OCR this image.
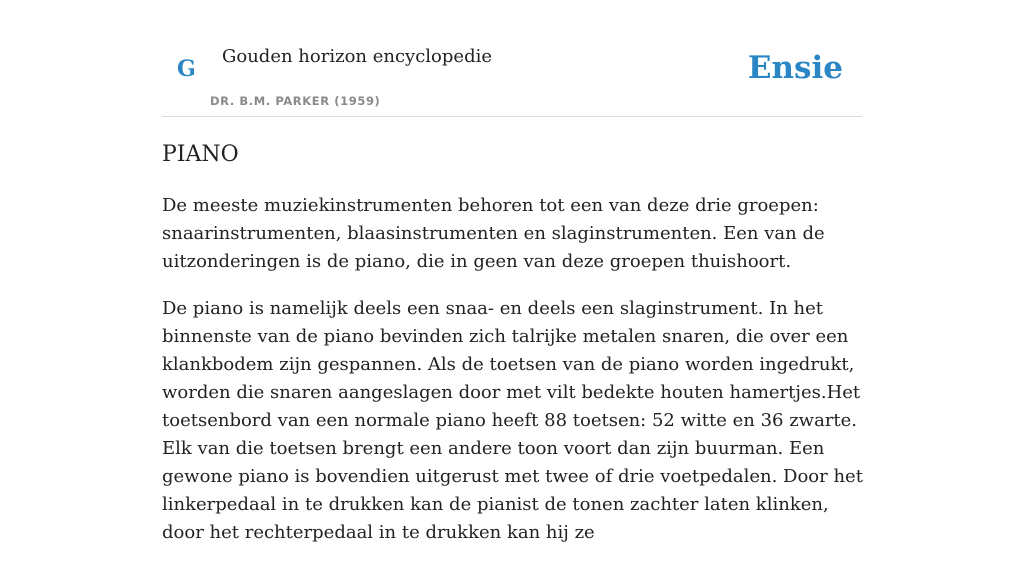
G Gouden horizon encyclopedie
DR. B.M. PARKER (1959)
Ensie
PIANO

De meeste muziekinstrumenten behoren tot een van deze drie groepen: snaarinstrumenten, blaasinstrumenten en slaginstrumenten. Een van de uitzonderingen is de piano, die in geen van deze groepen thuishoort.

De piano is namelijk deels een snaa- en deels een slaginstrument. In het binnenste van de piano bevinden zich talrijke metalen snaren, die over een klankbodem zijn gespannen. Als de toetsen van de piano worden ingedrukt, worden die snaren aangeslagen door met vilt bedekte houten hamertjes.Het toetsenbord van een normale piano heeft 88 toetsen: 52 witte en 36 zwarte. Elk van die toetsen brengt een andere toon voort dan zijn buurman. Een gewone piano is bovendien uitgerust met twee of drie voetpedalen. Door het linkerpedaal in te drukken kan de pianist de tonen zachter laten klinken, door het rechterpedaal in te drukken kan hij ze
